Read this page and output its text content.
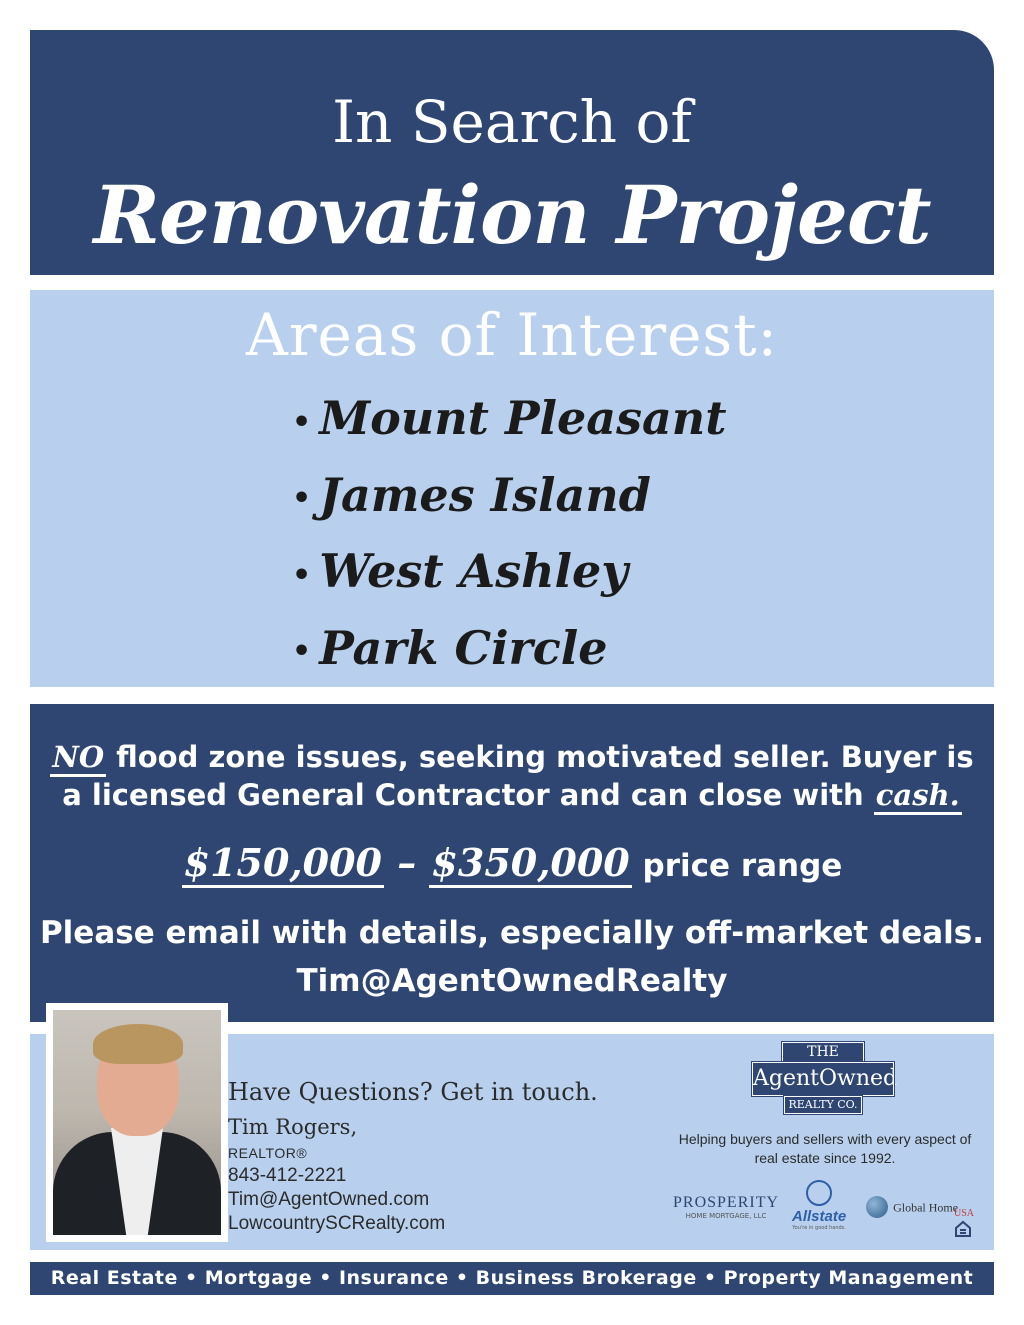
In Search of
Renovation Project
Areas of Interest:
• Mount Pleasant
• James Island
• West Ashley
• Park Circle
NO flood zone issues, seeking motivated seller. Buyer is a licensed General Contractor and can close with cash.
$150,000 – $350,000 price range
Please email with details, especially off-market deals.
Tim@AgentOwnedRealty
Have Questions? Get in touch.
Tim Rogers,
REALTOR®
843-412-2221
Tim@AgentOwned.com
LowcountrySCRealty.com
THE
AgentOwned
REALTY CO.
Helping buyers and sellers with every aspect of real estate since 1992.
PROSPERITY
HOME MORTGAGE, LLC	Allstate
You're in good hands.
Global Home
USA
Real Estate • Mortgage • Insurance • Business Brokerage • Property Management
